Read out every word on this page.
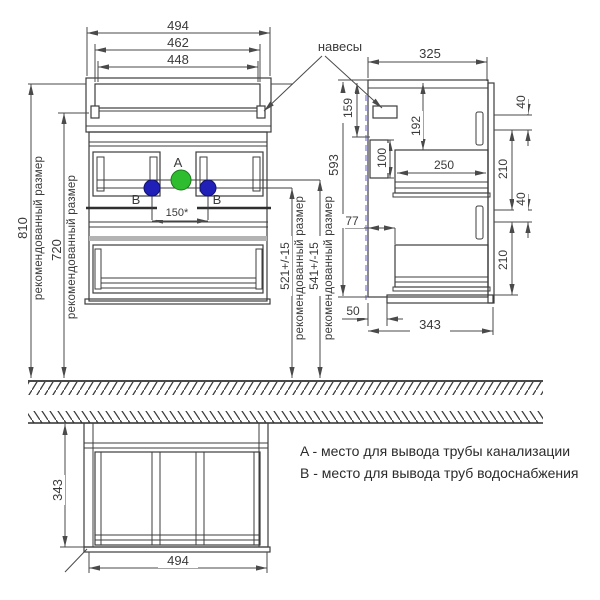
494
462
448	325
навесы
A
B	B
150*
810 рекомендованный размер 720 рекомендованный размер	521+/-15 рекомендованный размер 541+/-15 рекомендованный размер
593
159
192
100	250
40
210
40
210
77
50
343
343
494
A - место для вывода трубы канализации
B - место для вывода труб водоснабжения
